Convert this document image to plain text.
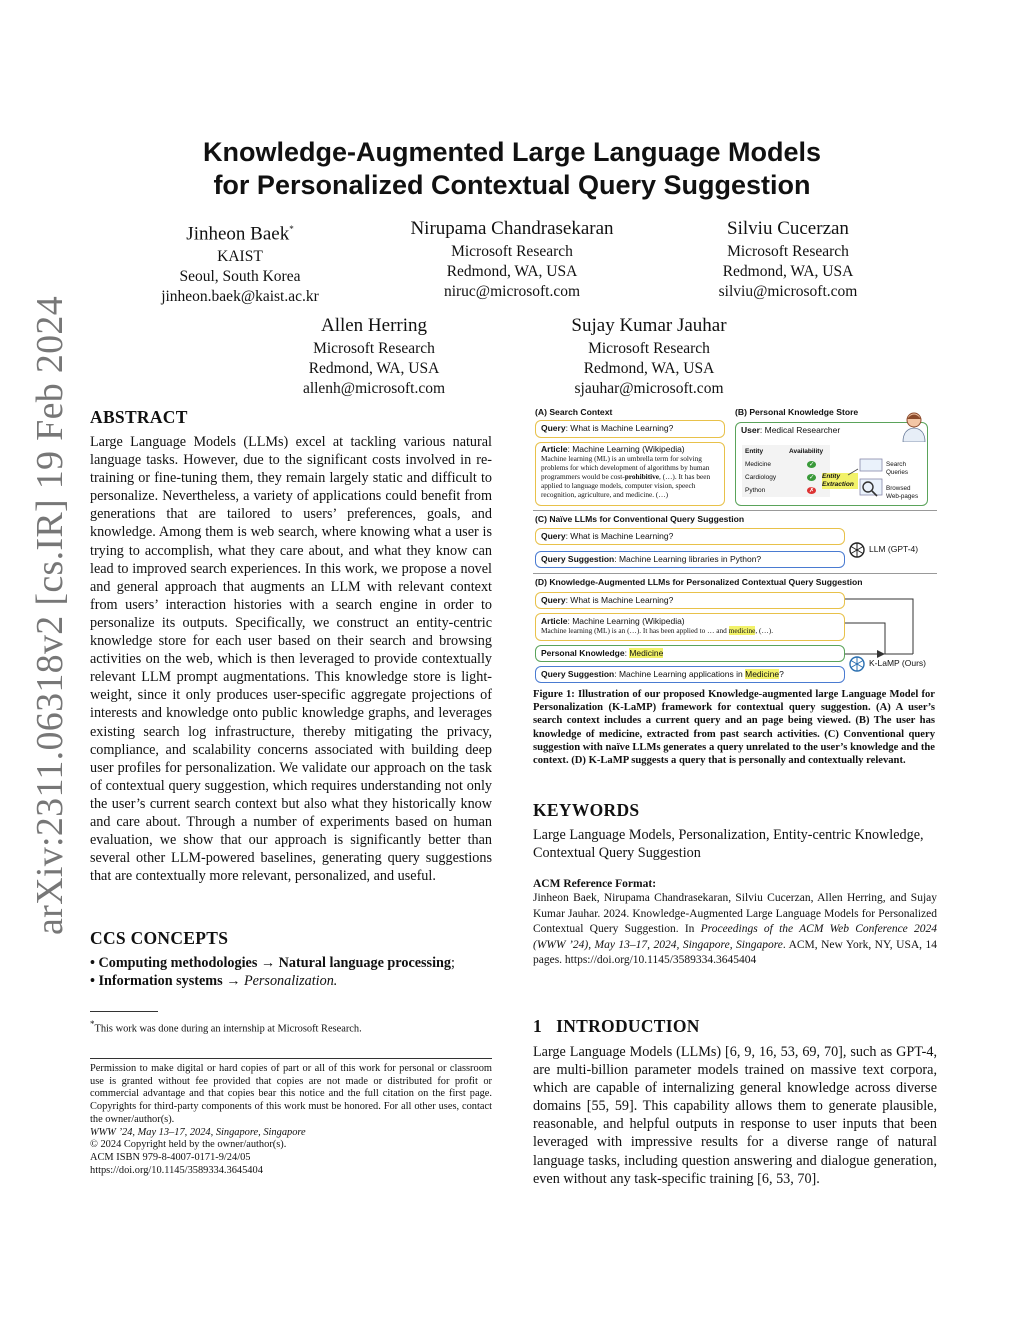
arXiv:2311.06318v2 [cs.IR] 19 Feb 2024
Knowledge-Augmented Large Language Models
for Personalized Contextual Query Suggestion
Jinheon Baek*
KAIST
Seoul, South Korea
jinheon.baek@kaist.ac.kr
Nirupama Chandrasekaran
Microsoft Research
Redmond, WA, USA
niruc@microsoft.com
Silviu Cucerzan
Microsoft Research
Redmond, WA, USA
silviu@microsoft.com
Allen Herring
Microsoft Research
Redmond, WA, USA
allenh@microsoft.com
Sujay Kumar Jauhar
Microsoft Research
Redmond, WA, USA
sjauhar@microsoft.com
ABSTRACT
Large Language Models (LLMs) excel at tackling various natural language tasks. However, due to the significant costs involved in re-training or fine-tuning them, they remain largely static and difficult to personalize. Nevertheless, a variety of applications could benefit from generations that are tailored to users’ preferences, goals, and knowledge. Among them is web search, where knowing what a user is trying to accomplish, what they care about, and what they know can lead to improved search experiences. In this work, we propose a novel and general approach that augments an LLM with relevant context from users’ interaction histories with a search engine in order to personalize its outputs. Specifically, we construct an entity-centric knowledge store for each user based on their search and browsing activities on the web, which is then leveraged to provide contextually relevant LLM prompt augmentations. This knowledge store is light-weight, since it only produces user-specific aggregate projections of interests and knowledge onto public knowledge graphs, and leverages existing search log infrastructure, thereby mitigating the privacy, compliance, and scalability concerns associated with building deep user profiles for personalization. We validate our approach on the task of contextual query suggestion, which requires understanding not only the user’s current search context but also what they historically know and care about. Through a number of experiments based on human evaluation, we show that our approach is significantly better than several other LLM-powered baselines, generating query suggestions that are contextually more relevant, personalized, and useful.
CCS CONCEPTS
• Computing methodologies → Natural language processing;
• Information systems → Personalization.
*This work was done during an internship at Microsoft Research.
Permission to make digital or hard copies of part or all of this work for personal or classroom use is granted without fee provided that copies are not made or distributed for profit or commercial advantage and that copies bear this notice and the full citation on the first page. Copyrights for third-party components of this work must be honored. For all other uses, contact the owner/author(s).
WWW ’24, May 13–17, 2024, Singapore, Singapore
© 2024 Copyright held by the owner/author(s).
ACM ISBN 979-8-4007-0171-9/24/05
https://doi.org/10.1145/3589334.3645404
(A) Search Context	(B) Personal Knowledge Store
Query: What is Machine Learning?
Article: Machine Learning (Wikipedia)
Machine learning (ML) is an umbrella term for solving problems for which development of algorithms by human programmers would be cost-prohibitive, (…). It has been applied to language models, computer vision, speech recognition, agriculture, and medicine. (…)
User: Medical Researcher
Entity	Availability
Medicine	✓
Cardiology	✓
Python	✗
Entity Extraction
Search Queries
Browsed Web-pages
(C) Naïve LLMs for Conventional Query Suggestion
Query: What is Machine Learning?
Query Suggestion: Machine Learning libraries in Python?
LLM (GPT-4)
(D) Knowledge-Augmented LLMs for Personalized Contextual Query Suggestion
Query: What is Machine Learning?
Article: Machine Learning (Wikipedia)
Machine learning (ML) is an (…). It has been applied to … and medicine, (…).
Personal Knowledge: Medicine
Query Suggestion: Machine Learning applications in Medicine?
K-LaMP (Ours)
Figure 1: Illustration of our proposed Knowledge-augmented large Language Model for Personalization (K-LaMP) framework for contextual query suggestion. (A) A user’s search context includes a current query and an page being viewed. (B) The user has knowledge of medicine, extracted from past search activities. (C) Conventional query suggestion with naïve LLMs generates a query unrelated to the user’s knowledge and the context. (D) K-LaMP suggests a query that is personally and contextually relevant.
KEYWORDS
Large Language Models, Personalization, Entity-centric Knowledge, Contextual Query Suggestion
ACM Reference Format:
Jinheon Baek, Nirupama Chandrasekaran, Silviu Cucerzan, Allen Herring, and Sujay Kumar Jauhar. 2024. Knowledge-Augmented Large Language Models for Personalized Contextual Query Suggestion. In Proceedings of the ACM Web Conference 2024 (WWW ’24), May 13–17, 2024, Singapore, Singapore. ACM, New York, NY, USA, 14 pages. https://doi.org/10.1145/3589334.3645404
1 INTRODUCTION
Large Language Models (LLMs) [6, 9, 16, 53, 69, 70], such as GPT-4, are multi-billion parameter models trained on massive text corpora, which are capable of internalizing general knowledge across diverse domains [55, 59]. This capability allows them to generate plausible, reasonable, and helpful outputs in response to user inputs that been leveraged with impressive results for a diverse range of natural language tasks, including question answering and dialogue generation, even without any task-specific training [6, 53, 70].
